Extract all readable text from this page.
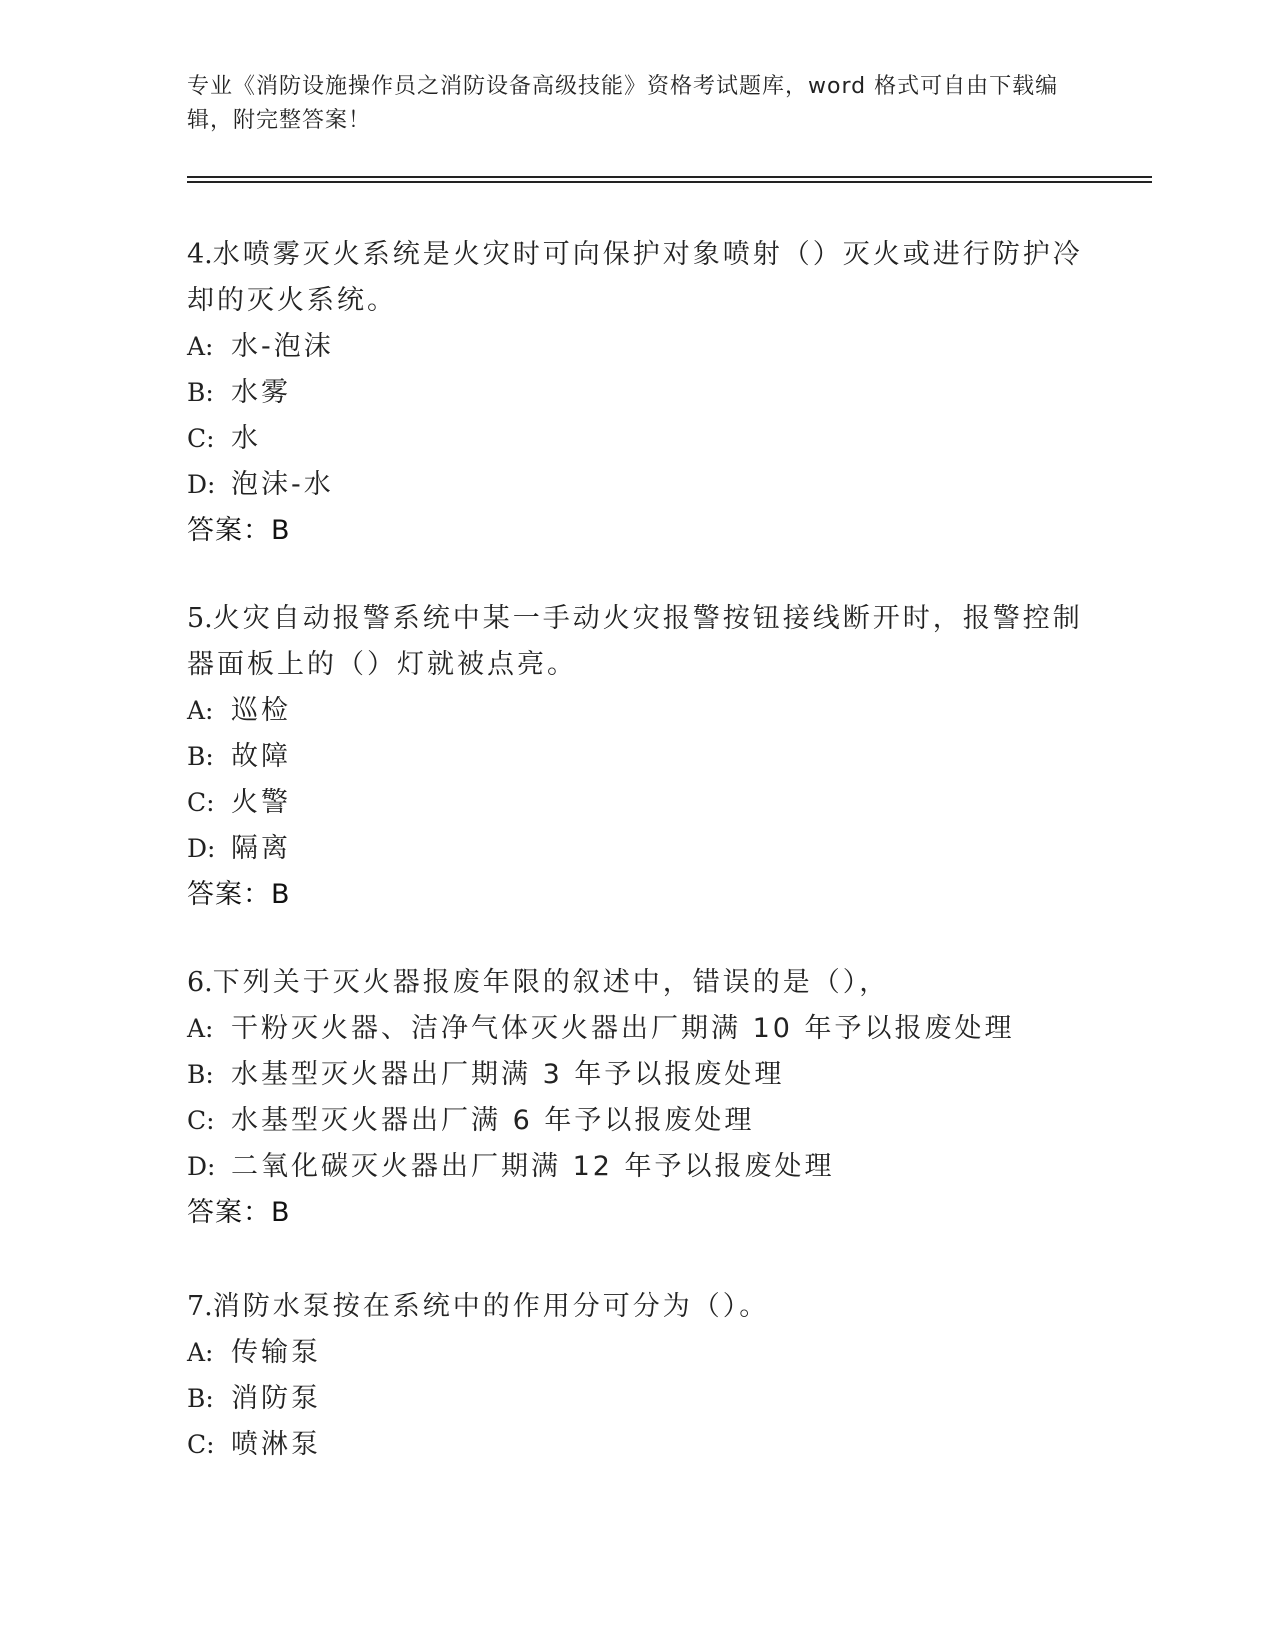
专业《消防设施操作员之消防设备高级技能》资格考试题库，word 格式可自由下载编辑，附完整答案！

4.水喷雾灭火系统是火灾时可向保护对象喷射（）灭火或进行防护冷却的灭火系统。

A: 水-泡沫

B: 水雾

C: 水

D: 泡沫-水

答案：B

5.火灾自动报警系统中某一手动火灾报警按钮接线断开时，报警控制器面板上的（）灯就被点亮。

A: 巡检

B: 故障

C: 火警

D: 隔离

答案：B

6.下列关于灭火器报废年限的叙述中，错误的是（），

A: 干粉灭火器、洁净气体灭火器出厂期满 10 年予以报废处理

B: 水基型灭火器出厂期满 3 年予以报废处理

C: 水基型灭火器出厂满 6 年予以报废处理

D: 二氧化碳灭火器出厂期满 12 年予以报废处理

答案：B

7.消防水泵按在系统中的作用分可分为（）。

A: 传输泵

B: 消防泵

C: 喷淋泵
